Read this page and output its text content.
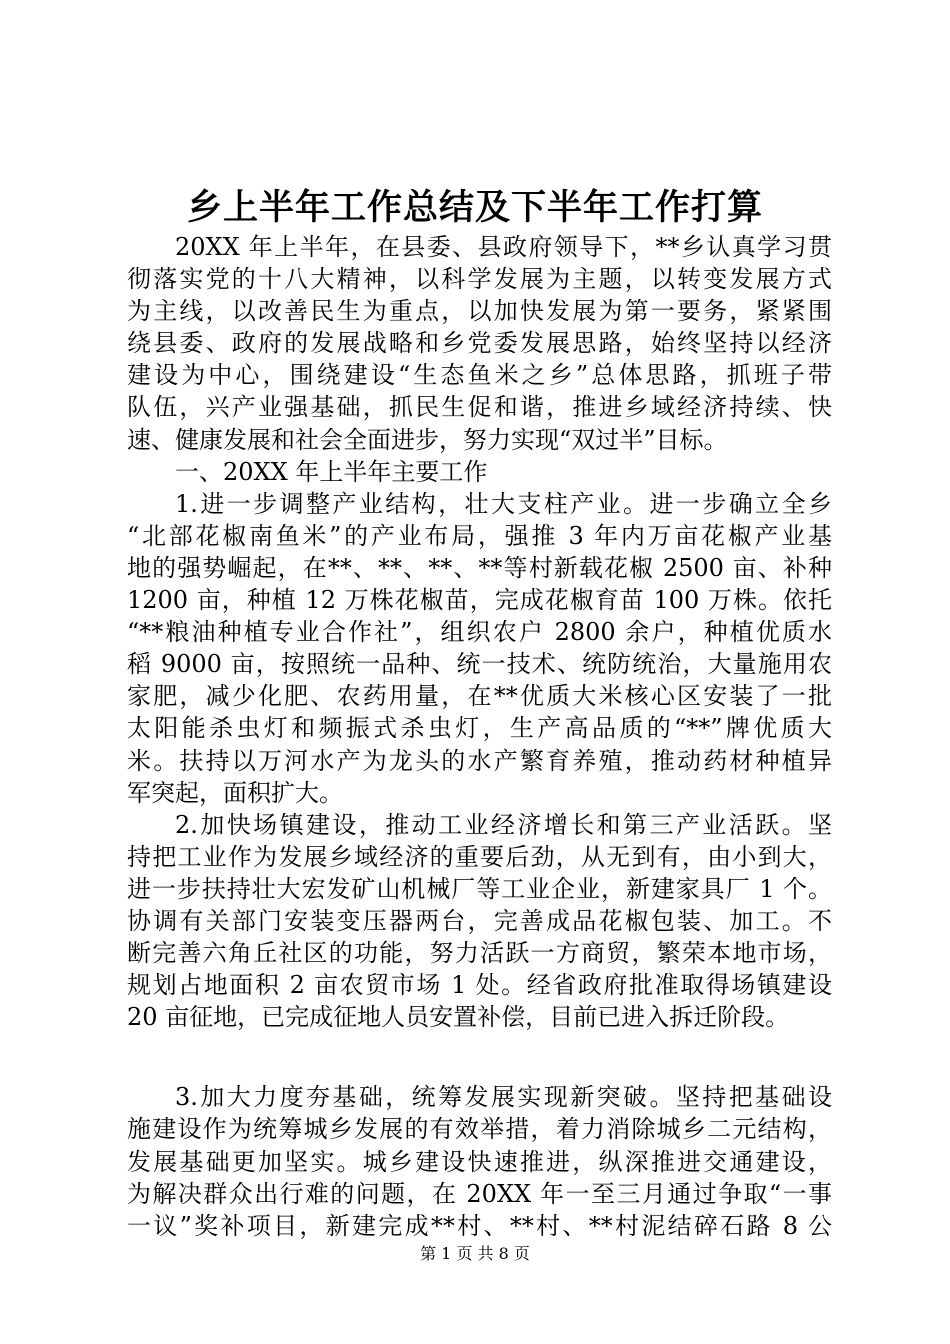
乡上半年工作总结及下半年工作打算
20XX 年上半年，在县委、县政府领导下，**乡认真学习贯
彻落实党的十八大精神，以科学发展为主题，以转变发展方式
为主线，以改善民生为重点，以加快发展为第一要务，紧紧围
绕县委、政府的发展战略和乡党委发展思路，始终坚持以经济
建设为中心，围绕建设“生态鱼米之乡”总体思路，抓班子带
队伍，兴产业强基础，抓民生促和谐，推进乡域经济持续、快
速、健康发展和社会全面进步，努力实现“双过半”目标。
一、20XX 年上半年主要工作
1.进一步调整产业结构，壮大支柱产业。进一步确立全乡
“北部花椒南鱼米”的产业布局，强推 3 年内万亩花椒产业基
地的强势崛起，在**、**、**、**等村新载花椒 2500 亩、补种
1200 亩，种植 12 万株花椒苗，完成花椒育苗 100 万株。依托
“**粮油种植专业合作社”，组织农户 2800 余户，种植优质水
稻 9000 亩，按照统一品种、统一技术、统防统治，大量施用农
家肥，减少化肥、农药用量，在**优质大米核心区安装了一批
太阳能杀虫灯和频振式杀虫灯，生产高品质的“**”牌优质大
米。扶持以万河水产为龙头的水产繁育养殖，推动药材种植异
军突起，面积扩大。
2.加快场镇建设，推动工业经济增长和第三产业活跃。坚
持把工业作为发展乡域经济的重要后劲，从无到有，由小到大，
进一步扶持壮大宏发矿山机械厂等工业企业，新建家具厂 1 个。
协调有关部门安装变压器两台，完善成品花椒包装、加工。不
断完善六角丘社区的功能，努力活跃一方商贸，繁荣本地市场，
规划占地面积 2 亩农贸市场 1 处。经省政府批准取得场镇建设
20 亩征地，已完成征地人员安置补偿，目前已进入拆迁阶段。
3.加大力度夯基础，统筹发展实现新突破。坚持把基础设
施建设作为统筹城乡发展的有效举措，着力消除城乡二元结构，
发展基础更加坚实。城乡建设快速推进，纵深推进交通建设，
为解决群众出行难的问题，在 20XX 年一至三月通过争取“一事
一议”奖补项目，新建完成**村、**村、**村泥结碎石路 8 公
第 1 页 共 8 页
